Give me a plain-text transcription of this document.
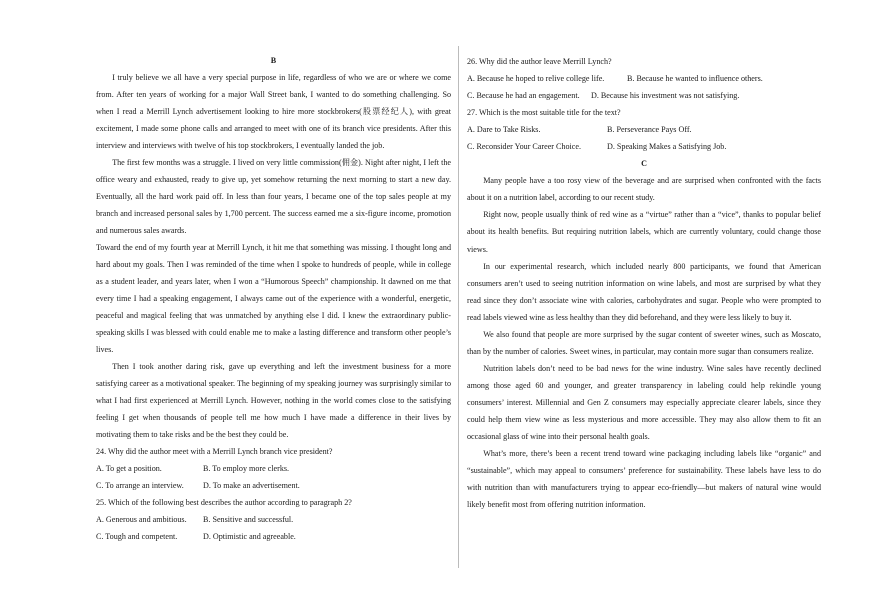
B

I truly believe we all have a very special purpose in life, regardless of who we are or where we come from. After ten years of working for a major Wall Street bank, I wanted to do something challenging. So when I read a Merrill Lynch advertisement looking to hire more stockbrokers(股票经纪人), with great excitement, I made some phone calls and arranged to meet with one of its branch vice presidents. After this interview and interviews with twelve of his top stockbrokers, I eventually landed the job.

The first few months was a struggle. I lived on very little commission(佣金). Night after night, I left the office weary and exhausted, ready to give up, yet somehow returning the next morning to start a new day. Eventually, all the hard work paid off. In less than four years, I became one of the top sales people at my branch and increased personal sales by 1,700 percent. The success earned me a six-figure income, promotion and numerous sales awards.

Toward the end of my fourth year at Merrill Lynch, it hit me that something was missing. I thought long and hard about my goals. Then I was reminded of the time when I spoke to hundreds of people, while in college as a student leader, and years later, when I won a “Humorous Speech” championship. It dawned on me that every time I had a speaking engagement, I always came out of the experience with a wonderful, energetic, peaceful and magical feeling that was unmatched by anything else I did. I knew the extraordinary public-speaking skills I was blessed with could enable me to make a lasting difference and transform other people’s lives.

Then I took another daring risk, gave up everything and left the investment business for a more satisfying career as a motivational speaker. The beginning of my speaking journey was surprisingly similar to what I had first experienced at Merrill Lynch. However, nothing in the world comes close to the satisfying feeling I get when thousands of people tell me how much I have made a difference in their lives by motivating them to take risks and be the best they could be.

24. Why did the author meet with a Merrill Lynch branch vice president?
A. To get a position.	B. To employ more clerks.
C. To arrange an interview.	D. To make an advertisement.
25. Which of the following best describes the author according to paragraph 2?
A. Generous and ambitious.	B. Sensitive and successful.
C. Tough and competent.	D. Optimistic and agreeable.
26. Why did the author leave Merrill Lynch?
A. Because he hoped to relive college life.	B. Because he wanted to influence others.
C. Because he had an engagement.	D. Because his investment was not satisfying.
27. Which is the most suitable title for the text?
A. Dare to Take Risks.	B. Perseverance Pays Off.
C. Reconsider Your Career Choice.	D. Speaking Makes a Satisfying Job.
C

Many people have a too rosy view of the beverage and are surprised when confronted with the facts about it on a nutrition label, according to our recent study.

Right now, people usually think of red wine as a “virtue” rather than a “vice”, thanks to popular belief about its health benefits. But requiring nutrition labels, which are currently voluntary, could change those views.

In our experimental research, which included nearly 800 participants, we found that American consumers aren’t used to seeing nutrition information on wine labels, and most are surprised by what they read since they don’t associate wine with calories, carbohydrates and sugar. People who were prompted to read labels viewed wine as less healthy than they did beforehand, and they were less likely to buy it.

We also found that people are more surprised by the sugar content of sweeter wines, such as Moscato, than by the number of calories. Sweet wines, in particular, may contain more sugar than consumers realize.

Nutrition labels don’t need to be bad news for the wine industry. Wine sales have recently declined among those aged 60 and younger, and greater transparency in labeling could help rekindle young consumers’ interest. Millennial and Gen Z consumers may especially appreciate clearer labels, since they could help them view wine as less mysterious and more accessible. They may also allow them to fit an occasional glass of wine into their personal health goals.

What’s more, there’s been a recent trend toward wine packaging including labels like “organic” and “sustainable”, which may appeal to consumers’ preference for sustainability. These labels have less to do with nutrition than with manufacturers trying to appear eco-friendly—but makers of natural wine would likely benefit most from offering nutrition information.
